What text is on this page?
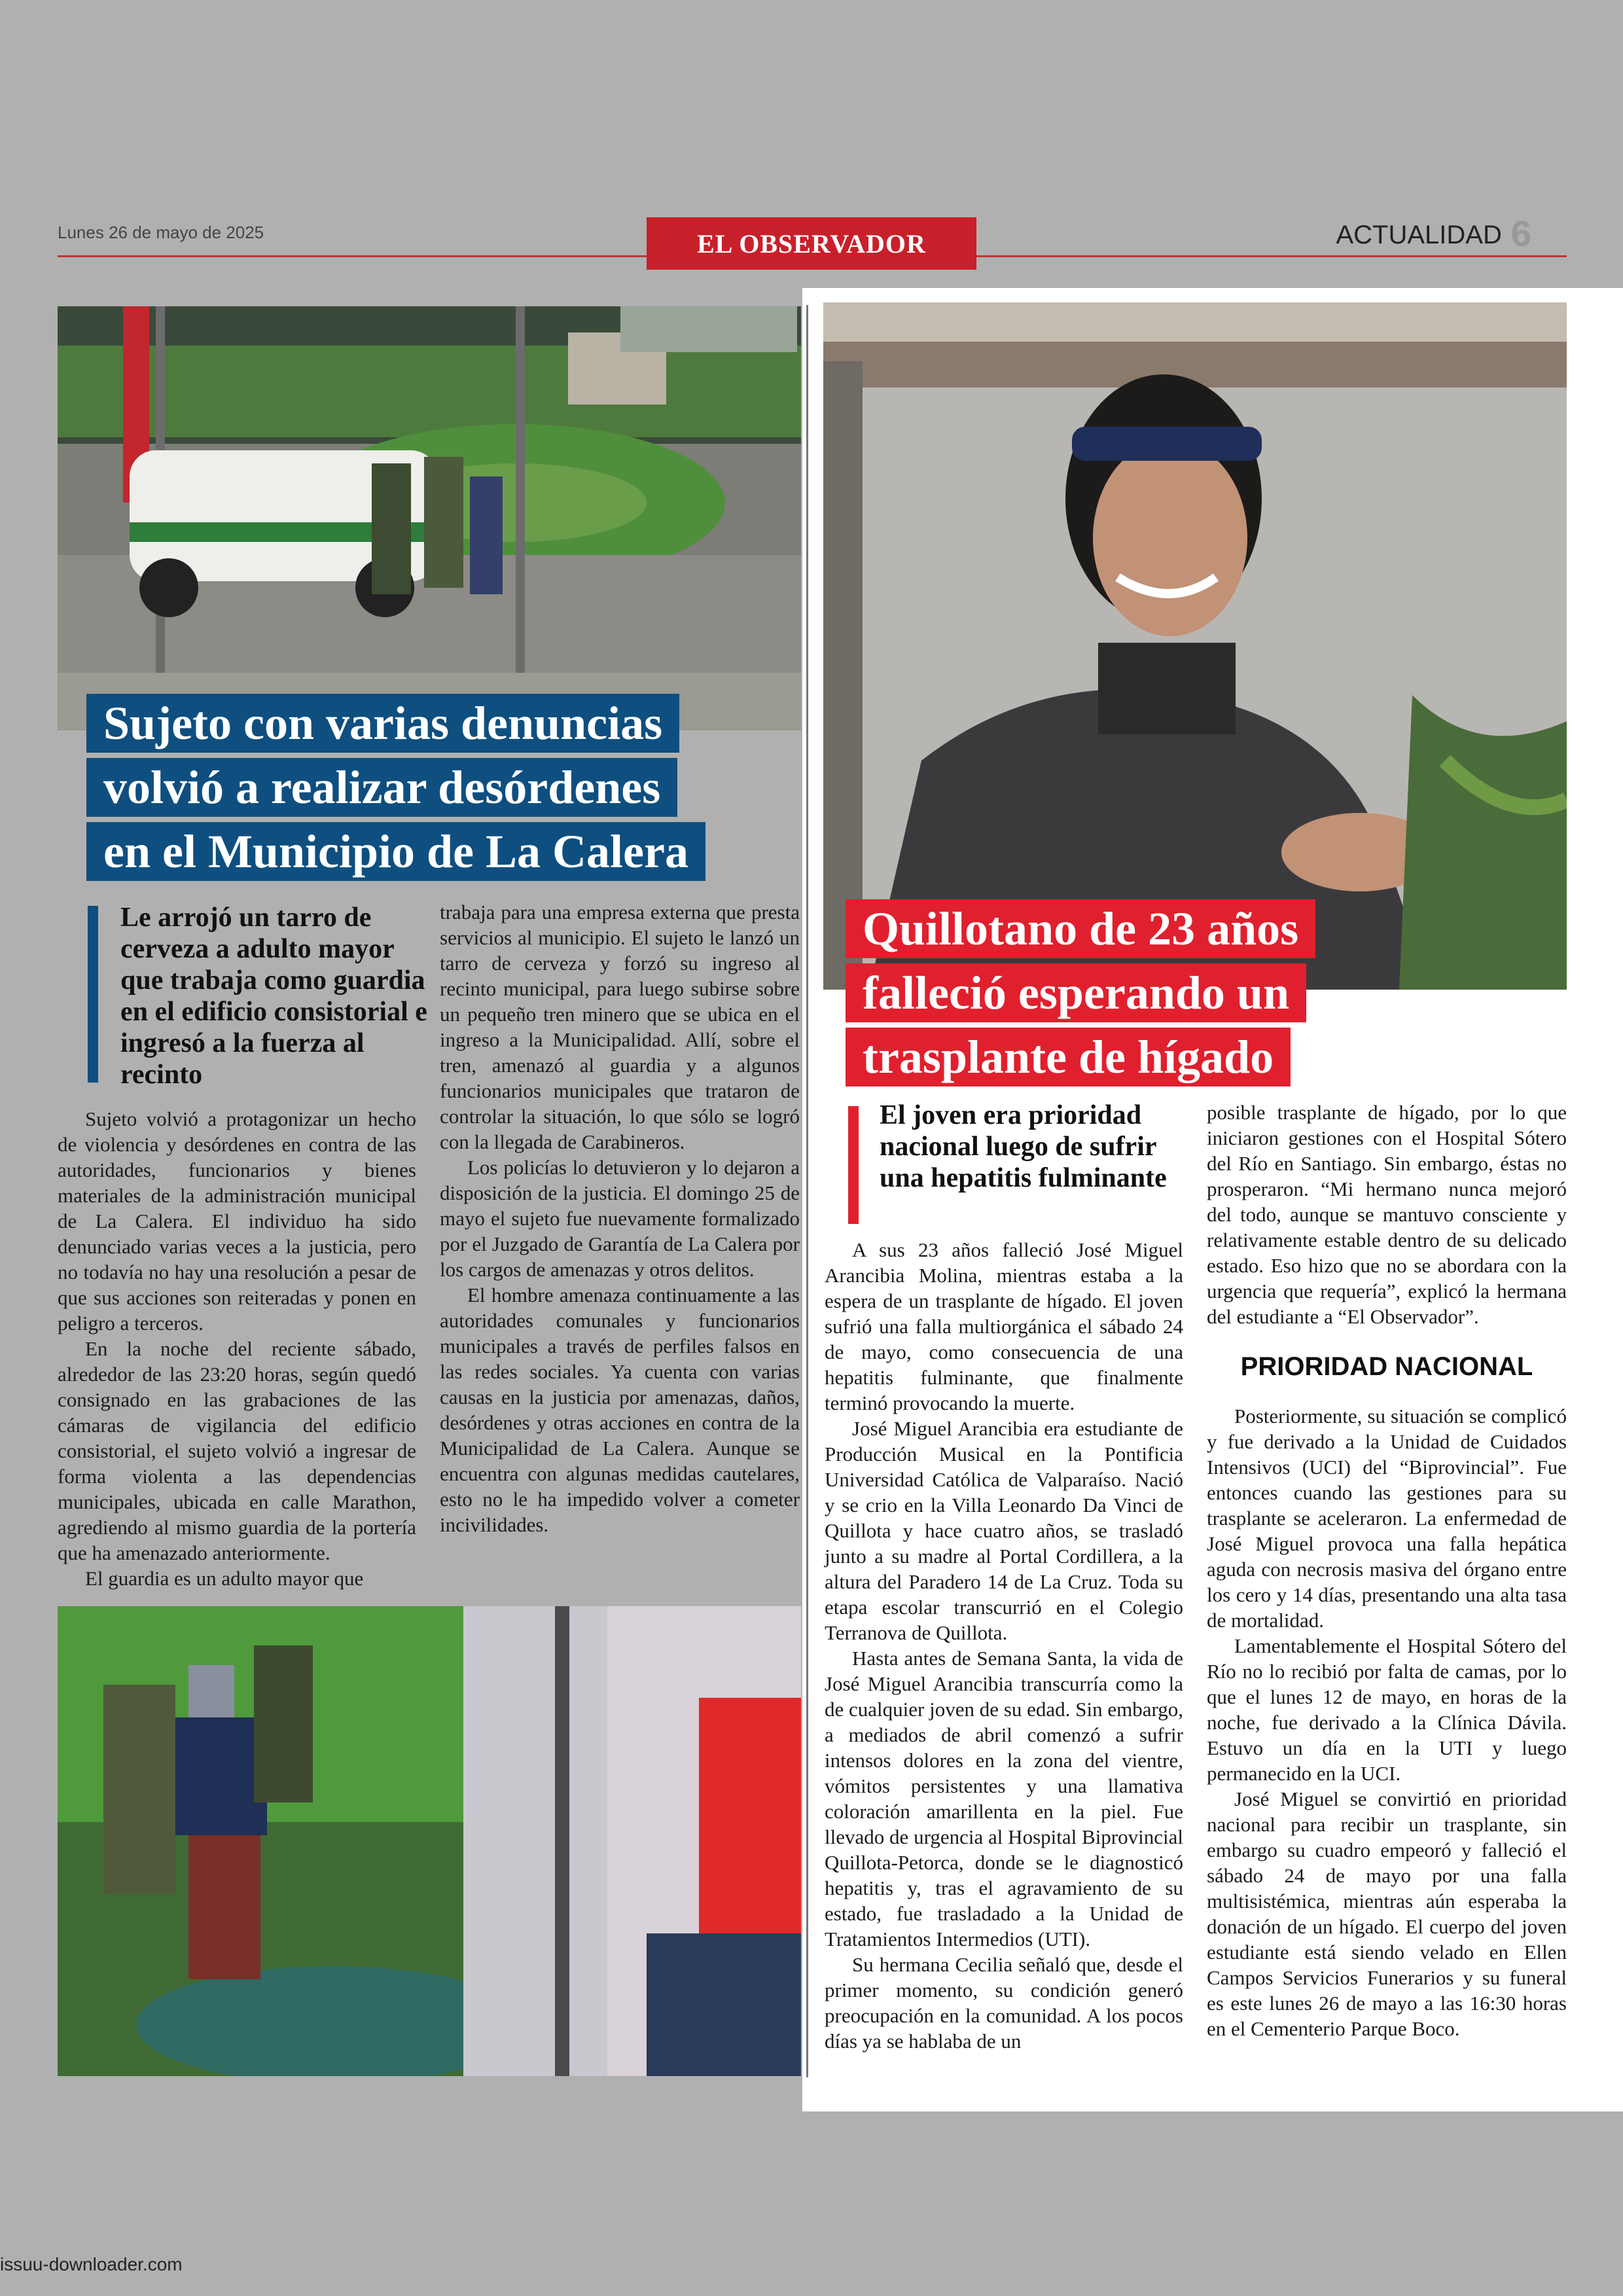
Lunes 26 de mayo de 2025	EL OBSERVADOR	ACTUALIDAD 6
Sujeto con varias denuncias
volvió a realizar desórdenes
en el Municipio de La Calera
Le arrojó un tarro de cerveza a adulto mayor que trabaja como guardia en el edificio consistorial e ingresó a la fuerza al recinto

Sujeto volvió a protagonizar un hecho de violencia y desórdenes en contra de las autoridades, funcionarios y bienes materiales de la administración municipal de La Calera. El individuo ha sido denunciado varias veces a la justicia, pero no todavía no hay una resolución a pesar de que sus acciones son reiteradas y ponen en peligro a terceros.

En la noche del reciente sábado, alrededor de las 23:20 horas, según quedó consignado en las grabaciones de las cámaras de vigilancia del edificio consistorial, el sujeto volvió a ingresar de forma violenta a las dependencias municipales, ubicada en calle Marathon, agrediendo al mismo guardia de la portería que ha amenazado anteriormente.

El guardia es un adulto mayor que

trabaja para una empresa externa que presta servicios al municipio. El sujeto le lanzó un tarro de cerveza y forzó su ingreso al recinto municipal, para luego subirse sobre un pequeño tren minero que se ubica en el ingreso a la Municipalidad. Allí, sobre el tren, amenazó al guardia y a algunos funcionarios municipales que trataron de controlar la situación, lo que sólo se logró con la llegada de Carabineros.

Los policías lo detuvieron y lo dejaron a disposición de la justicia. El domingo 25 de mayo el sujeto fue nuevamente formalizado por el Juzgado de Garantía de La Calera por los cargos de amenazas y otros delitos.

El hombre amenaza continuamente a las autoridades comunales y funcionarios municipales a través de perfiles falsos en las redes sociales. Ya cuenta con varias causas en la justicia por amenazas, daños, desórdenes y otras acciones en contra de la Municipalidad de La Calera. Aunque se encuentra con algunas medidas cautelares, esto no le ha impedido volver a cometer incivilidades.

Quillotano de 23 años
falleció esperando un
trasplante de hígado
El joven era prioridad nacional luego de sufrir una hepatitis fulminante

A sus 23 años falleció José Miguel Arancibia Molina, mientras estaba a la espera de un trasplante de hígado. El joven sufrió una falla multiorgánica el sábado 24 de mayo, como consecuencia de una hepatitis fulminante, que finalmente terminó provocando la muerte.

José Miguel Arancibia era estudiante de Producción Musical en la Pontificia Universidad Católica de Valparaíso. Nació y se crio en la Villa Leonardo Da Vinci de Quillota y hace cuatro años, se trasladó junto a su madre al Portal Cordillera, a la altura del Paradero 14 de La Cruz. Toda su etapa escolar transcurrió en el Colegio Terranova de Quillota.

Hasta antes de Semana Santa, la vida de José Miguel Arancibia transcurría como la de cualquier joven de su edad. Sin embargo, a mediados de abril comenzó a sufrir intensos dolores en la zona del vientre, vómitos persistentes y una llamativa coloración amarillenta en la piel. Fue llevado de urgencia al Hospital Biprovincial Quillota-Petorca, donde se le diagnosticó hepatitis y, tras el agravamiento de su estado, fue trasladado a la Unidad de Tratamientos Intermedios (UTI).

Su hermana Cecilia señaló que, desde el primer momento, su condición generó preocupación en la comunidad. A los pocos días ya se hablaba de un

posible trasplante de hígado, por lo que iniciaron gestiones con el Hospital Sótero del Río en Santiago. Sin embargo, éstas no prosperaron. “Mi hermano nunca mejoró del todo, aunque se mantuvo consciente y relativamente estable dentro de su delicado estado. Eso hizo que no se abordara con la urgencia que requería”, explicó la hermana del estudiante a “El Observador”.

PRIORIDAD NACIONAL

Posteriormente, su situación se complicó y fue derivado a la Unidad de Cuidados Intensivos (UCI) del “Biprovincial”. Fue entonces cuando las gestiones para su trasplante se aceleraron. La enfermedad de José Miguel provoca una falla hepática aguda con necrosis masiva del órgano entre los cero y 14 días, presentando una alta tasa de mortalidad.

Lamentablemente el Hospital Sótero del Río no lo recibió por falta de camas, por lo que el lunes 12 de mayo, en horas de la noche, fue derivado a la Clínica Dávila. Estuvo un día en la UTI y luego permanecido en la UCI.

José Miguel se convirtió en prioridad nacional para recibir un trasplante, sin embargo su cuadro empeoró y falleció el sábado 24 de mayo por una falla multisistémica, mientras aún esperaba la donación de un hígado. El cuerpo del joven estudiante está siendo velado en Ellen Campos Servicios Funerarios y su funeral es este lunes 26 de mayo a las 16:30 horas en el Cementerio Parque Boco.

issuu-downloader.com
